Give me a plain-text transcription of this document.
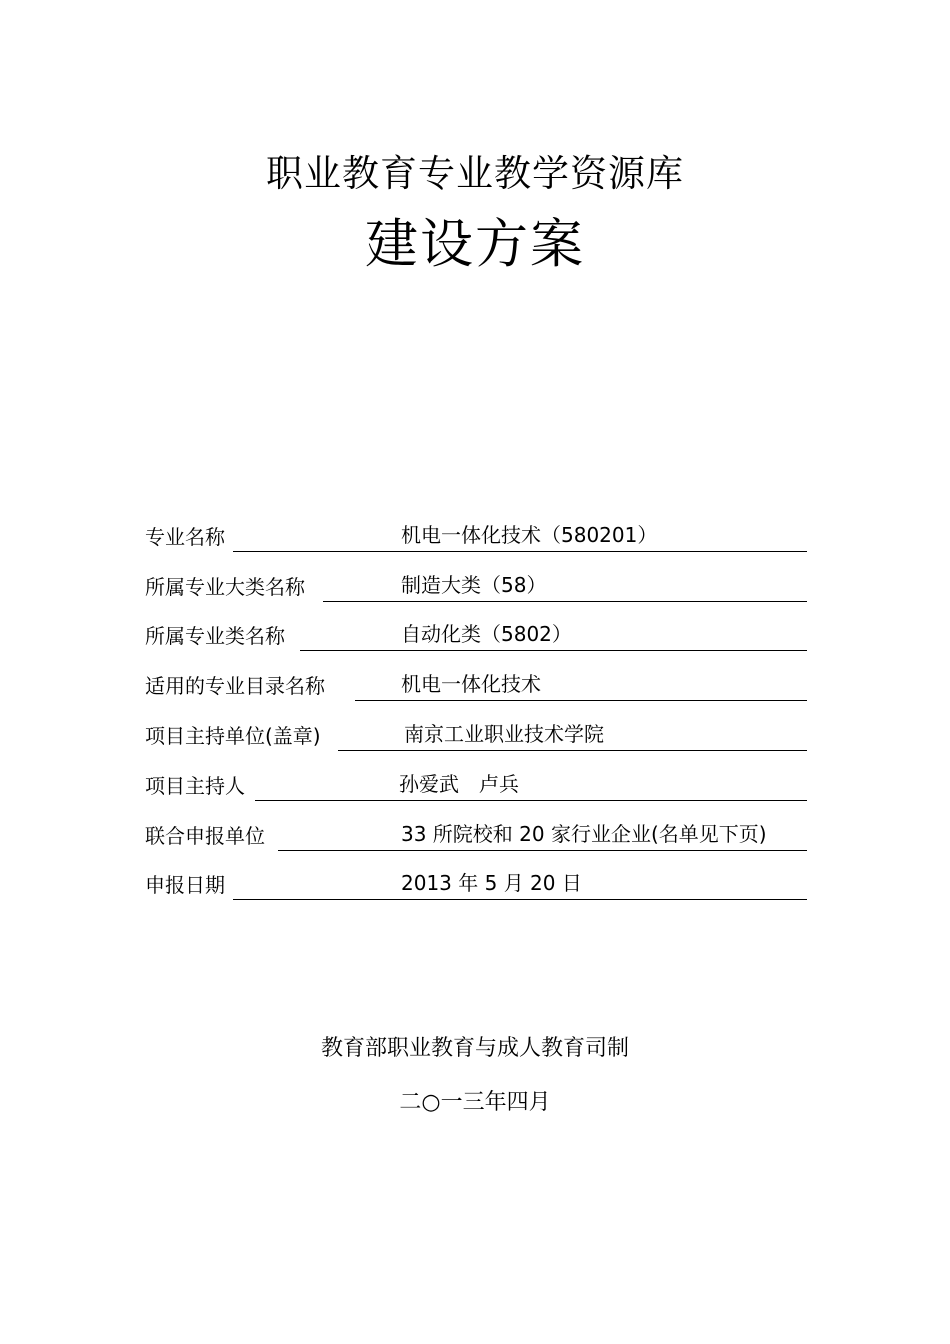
职业教育专业教学资源库
建设方案
专业名称	机电一体化技术（580201）
所属专业大类名称	制造大类（58）
所属专业类名称	自动化类（5802）
适用的专业目录名称	机电一体化技术
项目主持单位(盖章)	南京工业职业技术学院
项目主持人	孙爱武　卢兵
联合申报单位	33 所院校和 20 家行业企业(名单见下页)
申报日期	2013 年 5 月 20 日
教育部职业教育与成人教育司制
二○一三年四月
